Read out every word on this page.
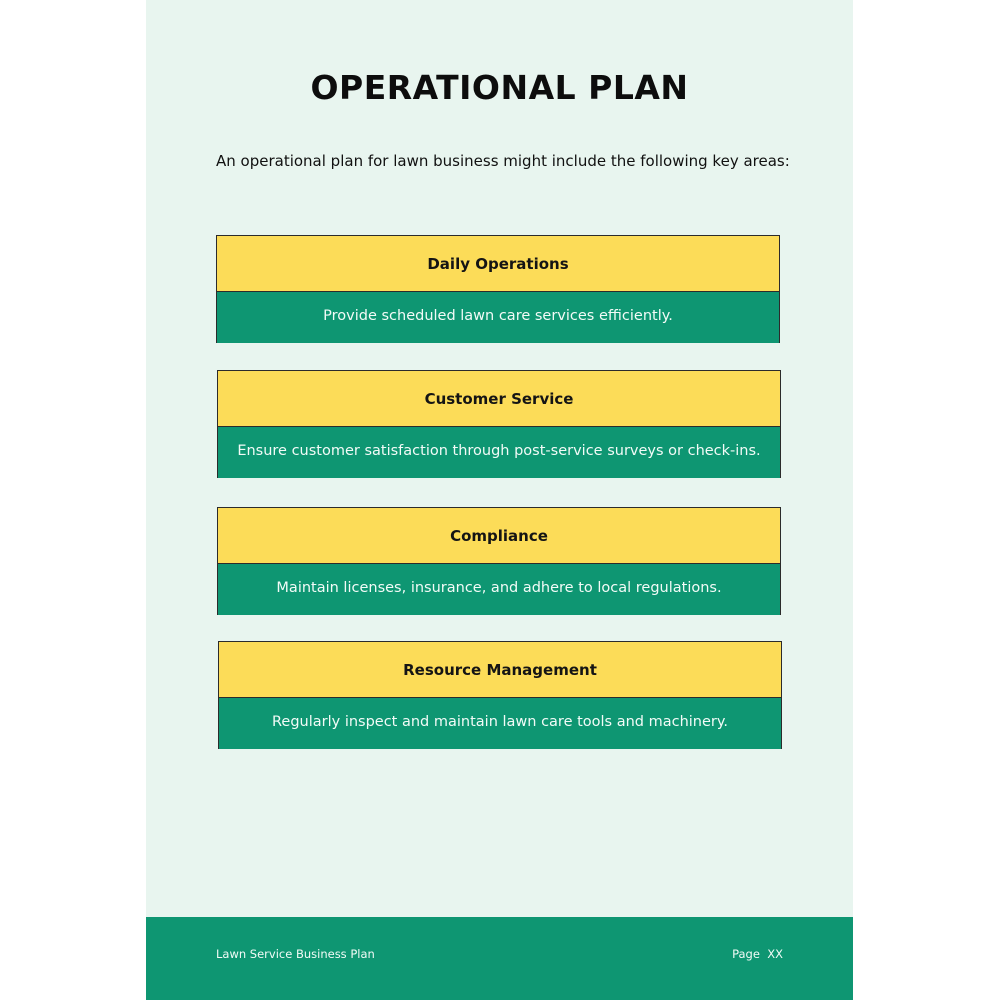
OPERATIONAL PLAN

An operational plan for lawn business might include the following key areas:

Daily Operations
Provide scheduled lawn care services efficiently.
Customer Service
Ensure customer satisfaction through post-service surveys or check-ins.
Compliance
Maintain licenses, insurance, and adhere to local regulations.
Resource Management
Regularly inspect and maintain lawn care tools and machinery.
Lawn Service Business Plan	Page  XX
